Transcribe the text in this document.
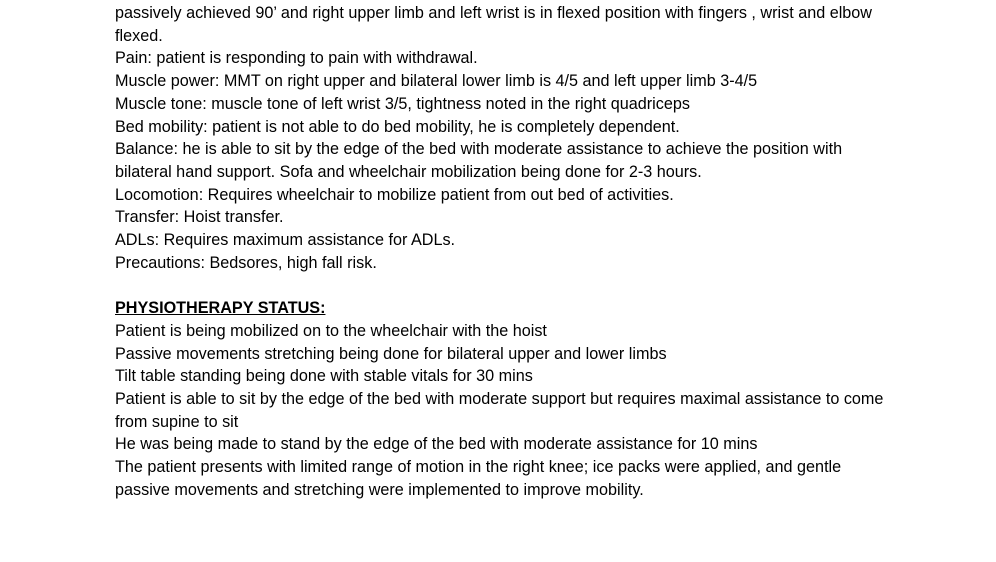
passively achieved 90’ and right upper limb and left wrist is in flexed position with fingers , wrist and elbow flexed.

Pain: patient is responding to pain with withdrawal.

Muscle power: MMT on right upper and bilateral lower limb is 4/5 and left upper limb 3-4/5

Muscle tone: muscle tone of left wrist 3/5, tightness noted in the right quadriceps

Bed mobility: patient is not able to do bed mobility, he is completely dependent.

Balance: he is able to sit by the edge of the bed with moderate assistance to achieve the position with bilateral hand support. Sofa and wheelchair mobilization being done for 2-3 hours.

Locomotion: Requires wheelchair to mobilize patient from out bed of activities.

Transfer: Hoist transfer.

ADLs: Requires maximum assistance for ADLs.

Precautions: Bedsores, high fall risk.

PHYSIOTHERAPY STATUS:

Patient is being mobilized on to the wheelchair with the hoist

Passive movements stretching being done for bilateral upper and lower limbs

Tilt table standing being done with stable vitals for 30 mins

Patient is able to sit by the edge of the bed with moderate support but requires maximal assistance to come from supine to sit

He was being made to stand by the edge of the bed with moderate assistance for 10 mins

The patient presents with limited range of motion in the right knee; ice packs were applied, and gentle passive movements and stretching were implemented to improve mobility.
